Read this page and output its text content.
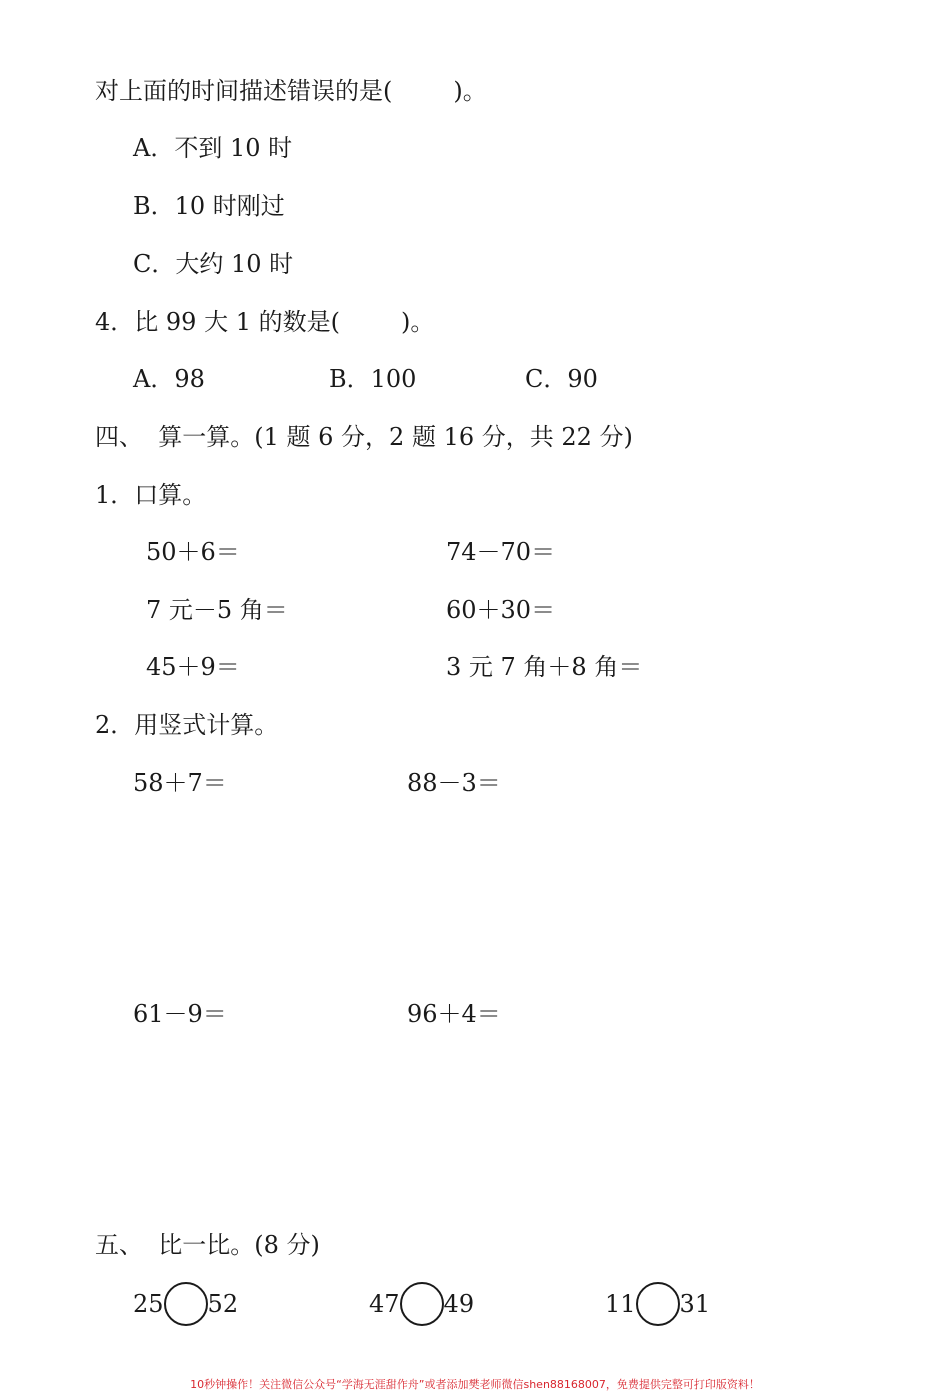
对上面的时间描述错误的是(        )。
A．不到 10 时
B．10 时刚过
C．大约 10 时
4．比 99 大 1 的数是(        )。
A．98	B．100	C．90
四、  算一算。(1 题 6 分，2 题 16 分，共 22 分)
1．口算。
50＋6＝	74－70＝
7 元－5 角＝	60＋30＝
45＋9＝	3 元 7 角＋8 角＝
2．用竖式计算。
58＋7＝	88－3＝
61－9＝	96＋4＝
五、  比一比。(8 分)
25 52	47 49	11 31
10秒钟操作！关注微信公众号“学海无涯甜作舟”或者添加樊老师微信shen88168007，免费提供完整可打印版资料！
